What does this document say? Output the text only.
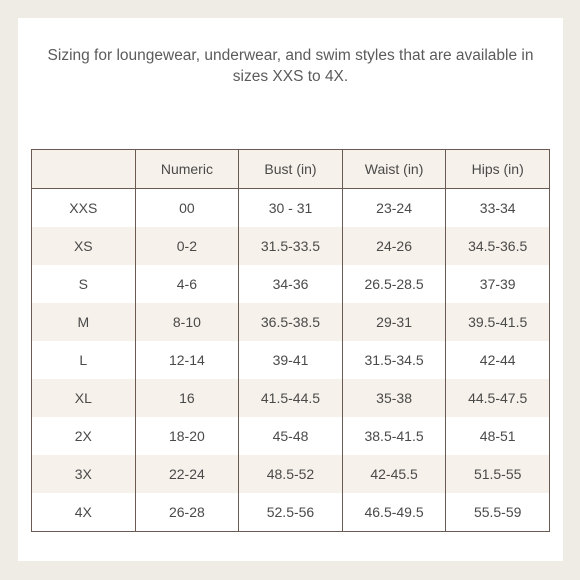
Sizing for loungewear, underwear, and swim styles that are available in sizes XXS to 4X.

	Numeric	Bust (in)	Waist (in)	Hips (in)
XXS	00	30 - 31	23-24	33-34
XS	0-2	31.5-33.5	24-26	34.5-36.5
S	4-6	34-36	26.5-28.5	37-39
M	8-10	36.5-38.5	29-31	39.5-41.5
L	12-14	39-41	31.5-34.5	42-44
XL	16	41.5-44.5	35-38	44.5-47.5
2X	18-20	45-48	38.5-41.5	48-51
3X	22-24	48.5-52	42-45.5	51.5-55
4X	26-28	52.5-56	46.5-49.5	55.5-59
